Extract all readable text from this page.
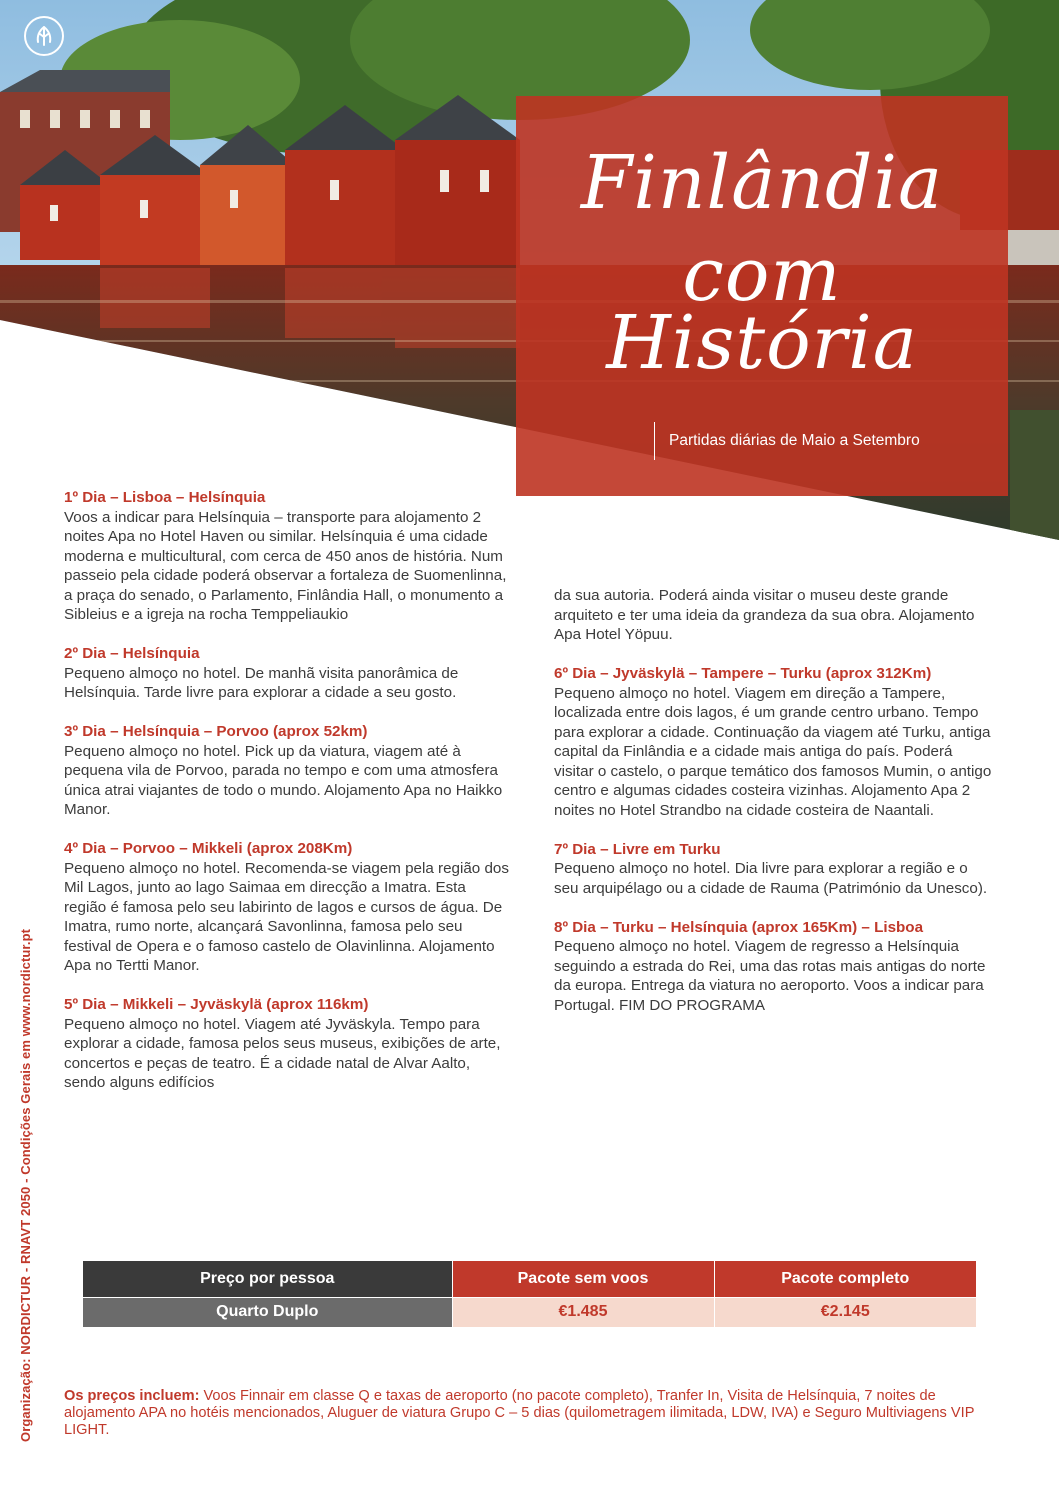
Finlândia
com
História
Partidas diárias de Maio a Setembro
Organização: NORDICTUR - RNAVT 2050 - Condições Gerais em www.nordictur.pt
1º Dia – Lisboa – Helsínquia
Voos a indicar para Helsínquia – transporte para alojamento 2 noites Apa no Hotel Haven ou similar. Helsínquia é uma cidade moderna e multicultural, com cerca de 450 anos de história. Num passeio pela cidade poderá observar a fortaleza de Suomenlinna, a praça do senado, o Parlamento, Finlândia Hall, o monumento a Sibleius e a igreja na rocha Temppeliaukio
2º Dia – Helsínquia
Pequeno almoço no hotel. De manhã visita panorâmica de Helsínquia. Tarde livre para explorar a cidade a seu gosto.
3º Dia – Helsínquia – Porvoo (aprox 52km)
Pequeno almoço no hotel. Pick up da viatura, viagem até à pequena vila de Porvoo, parada no tempo e com uma atmosfera única atrai viajantes de todo o mundo. Alojamento Apa no Haikko Manor.
4º Dia – Porvoo – Mikkeli (aprox 208Km)
Pequeno almoço no hotel. Recomenda-se viagem pela região dos Mil Lagos, junto ao lago Saimaa em direcção a Imatra. Esta região é famosa pelo seu labirinto de lagos e cursos de água. De Imatra, rumo norte, alcançará Savonlinna, famosa pelo seu festival de Opera e o famoso castelo de Olavinlinna. Alojamento Apa no Tertti Manor.
5º Dia – Mikkeli – Jyväskylä (aprox 116km)
Pequeno almoço no hotel. Viagem até Jyväskyla. Tempo para explorar a cidade, famosa pelos seus museus, exibições de arte, concertos e peças de teatro. É a cidade natal de Alvar Aalto, sendo alguns edifícios
da sua autoria. Poderá ainda visitar o museu deste grande arquiteto e ter uma ideia da grandeza da sua obra. Alojamento Apa Hotel Yöpuu.
6º Dia – Jyväskylä – Tampere – Turku (aprox 312Km)
Pequeno almoço no hotel. Viagem em direção a Tampere, localizada entre dois lagos, é um grande centro urbano. Tempo para explorar a cidade. Continuação da viagem até Turku, antiga capital da Finlândia e a cidade mais antiga do país. Poderá visitar o castelo, o parque temático dos famosos Mumin, o antigo centro e algumas cidades costeira vizinhas. Alojamento Apa 2 noites no Hotel Strandbo na cidade costeira de Naantali.
7º Dia – Livre em Turku
Pequeno almoço no hotel. Dia livre para explorar a região e o seu arquipélago ou a cidade de Rauma (Património da Unesco).
8º Dia – Turku – Helsínquia (aprox 165Km) – Lisboa
Pequeno almoço no hotel. Viagem de regresso a Helsínquia seguindo a estrada do Rei, uma das rotas mais antigas do norte da europa. Entrega da viatura no aeroporto. Voos a indicar para Portugal. FIM DO PROGRAMA
Preço por pessoa	Pacote sem voos	Pacote completo
Quarto Duplo	€1.485	€2.145
Os preços incluem: Voos Finnair em classe Q e taxas de aeroporto (no pacote completo), Tranfer In, Visita de Helsínquia, 7 noites de alojamento APA no hotéis mencionados, Aluguer de viatura Grupo C – 5 dias (quilometragem ilimitada, LDW, IVA) e Seguro Multiviagens VIP LIGHT.
